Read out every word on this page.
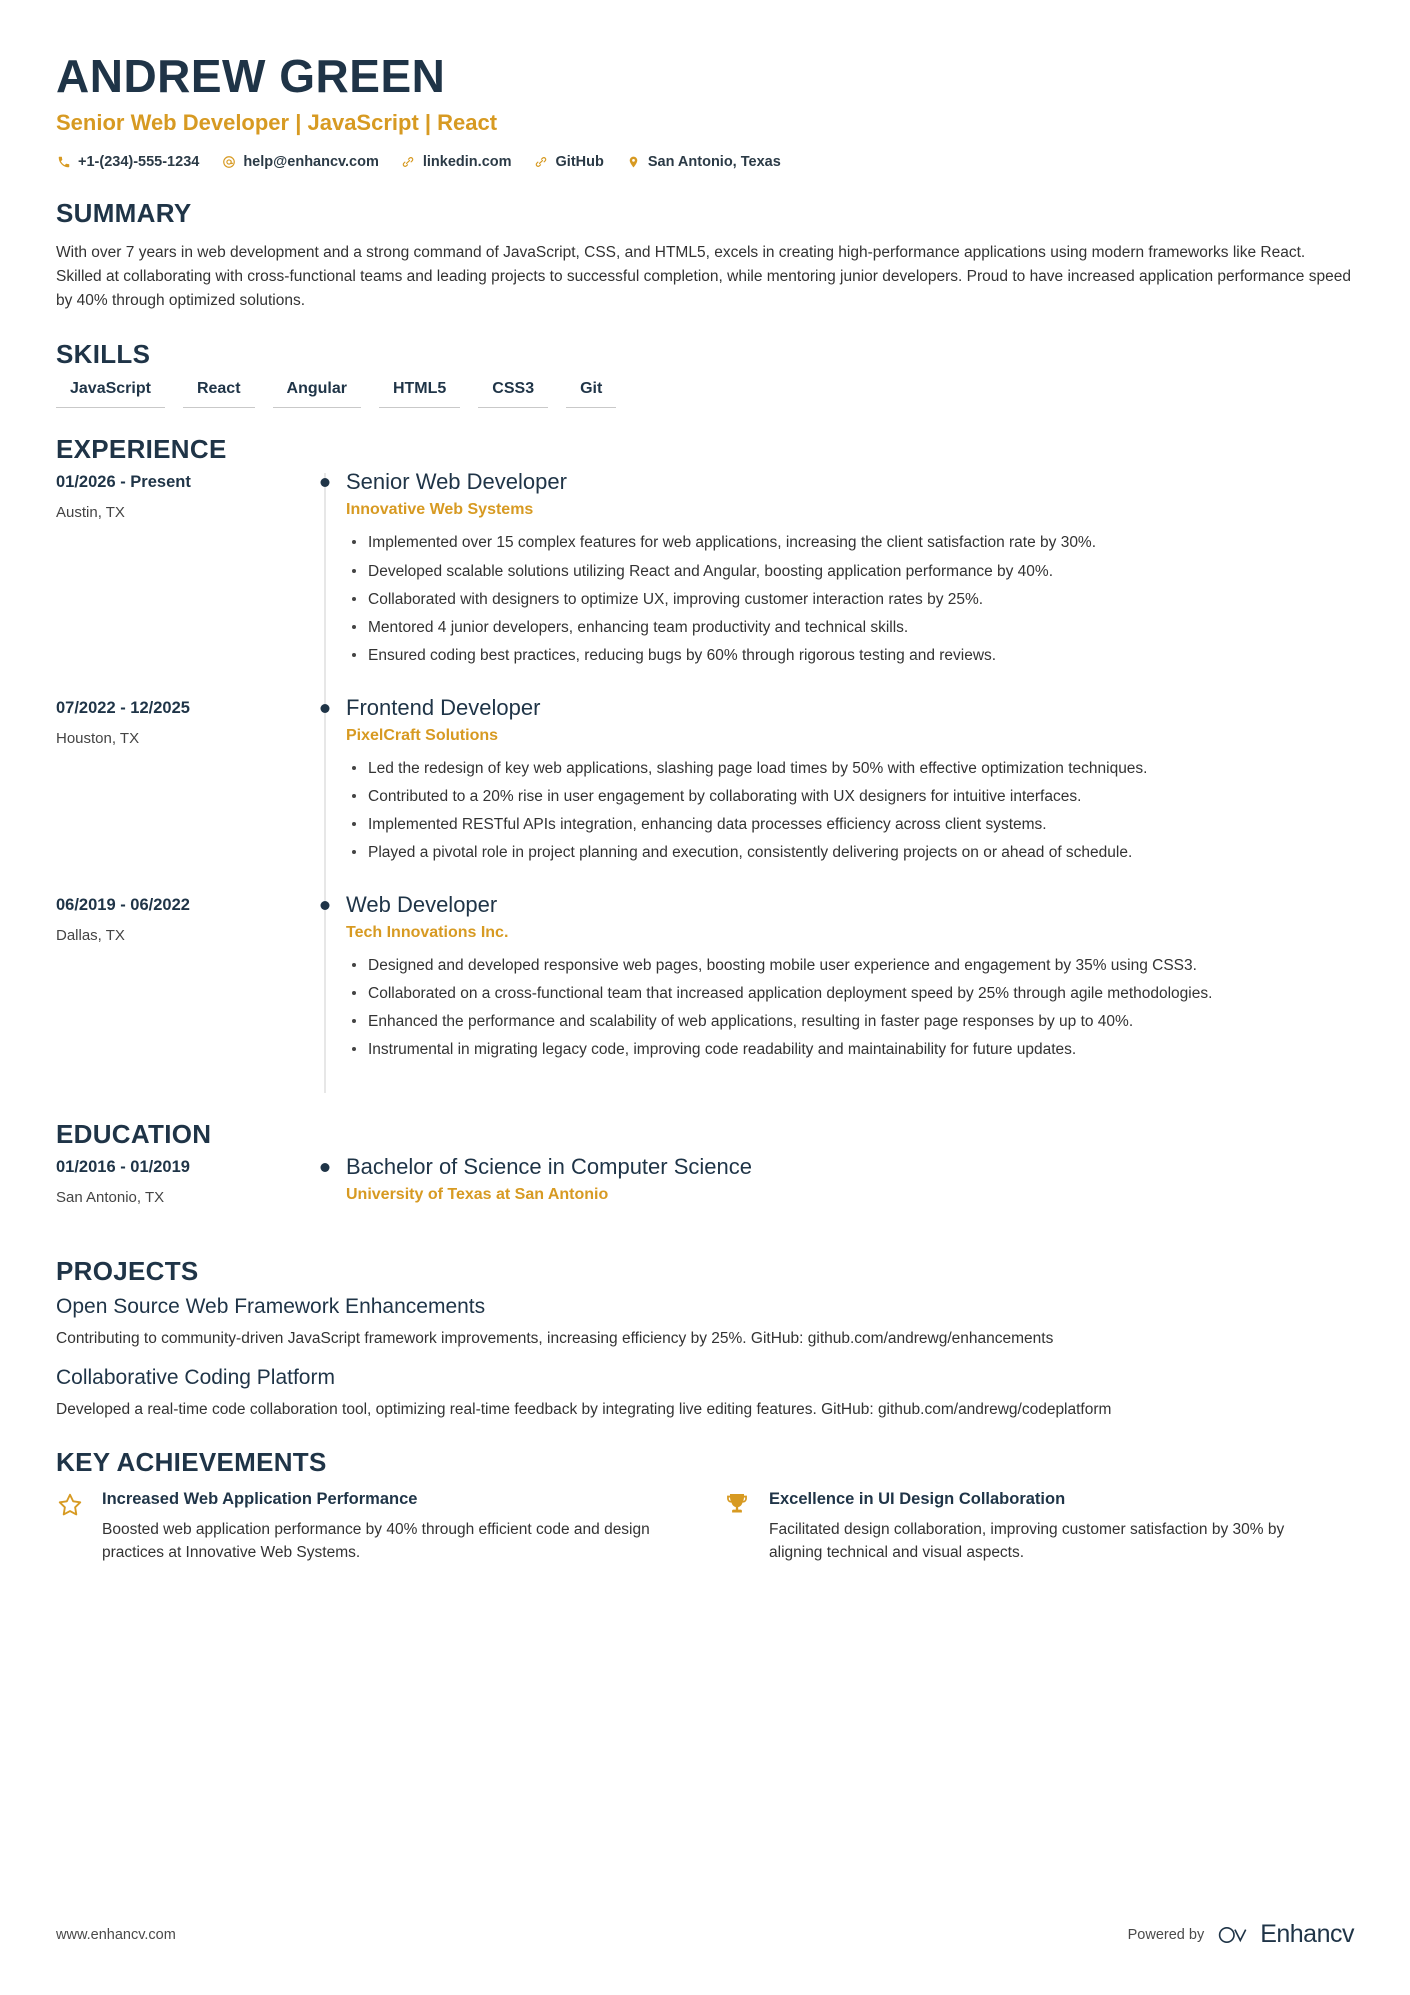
ANDREW GREEN
Senior Web Developer | JavaScript | React
+1-(234)-555-1234	help@enhancv.com	linkedin.com	GitHub	San Antonio, Texas
SUMMARY
With over 7 years in web development and a strong command of JavaScript, CSS, and HTML5, excels in creating high-performance applications using modern frameworks like React. Skilled at collaborating with cross-functional teams and leading projects to successful completion, while mentoring junior developers. Proud to have increased application performance speed by 40% through optimized solutions.
SKILLS
JavaScript	React	Angular	HTML5	CSS3	Git
EXPERIENCE
01/2026 - Present
Austin, TX
Senior Web Developer
Innovative Web Systems
Implemented over 15 complex features for web applications, increasing the client satisfaction rate by 30%.
Developed scalable solutions utilizing React and Angular, boosting application performance by 40%.
Collaborated with designers to optimize UX, improving customer interaction rates by 25%.
Mentored 4 junior developers, enhancing team productivity and technical skills.
Ensured coding best practices, reducing bugs by 60% through rigorous testing and reviews.
07/2022 - 12/2025
Houston, TX
Frontend Developer
PixelCraft Solutions
Led the redesign of key web applications, slashing page load times by 50% with effective optimization techniques.
Contributed to a 20% rise in user engagement by collaborating with UX designers for intuitive interfaces.
Implemented RESTful APIs integration, enhancing data processes efficiency across client systems.
Played a pivotal role in project planning and execution, consistently delivering projects on or ahead of schedule.
06/2019 - 06/2022
Dallas, TX
Web Developer
Tech Innovations Inc.
Designed and developed responsive web pages, boosting mobile user experience and engagement by 35% using CSS3.
Collaborated on a cross-functional team that increased application deployment speed by 25% through agile methodologies.
Enhanced the performance and scalability of web applications, resulting in faster page responses by up to 40%.
Instrumental in migrating legacy code, improving code readability and maintainability for future updates.
EDUCATION
01/2016 - 01/2019
San Antonio, TX
Bachelor of Science in Computer Science
University of Texas at San Antonio
PROJECTS
Open Source Web Framework Enhancements
Contributing to community-driven JavaScript framework improvements, increasing efficiency by 25%. GitHub: github.com/andrewg/enhancements
Collaborative Coding Platform
Developed a real-time code collaboration tool, optimizing real-time feedback by integrating live editing features. GitHub: github.com/andrewg/codeplatform
KEY ACHIEVEMENTS
Increased Web Application Performance
Boosted web application performance by 40% through efficient code and design practices at Innovative Web Systems.
Excellence in UI Design Collaboration
Facilitated design collaboration, improving customer satisfaction by 30% by aligning technical and visual aspects.
www.enhancv.com	Powered by Enhancv
